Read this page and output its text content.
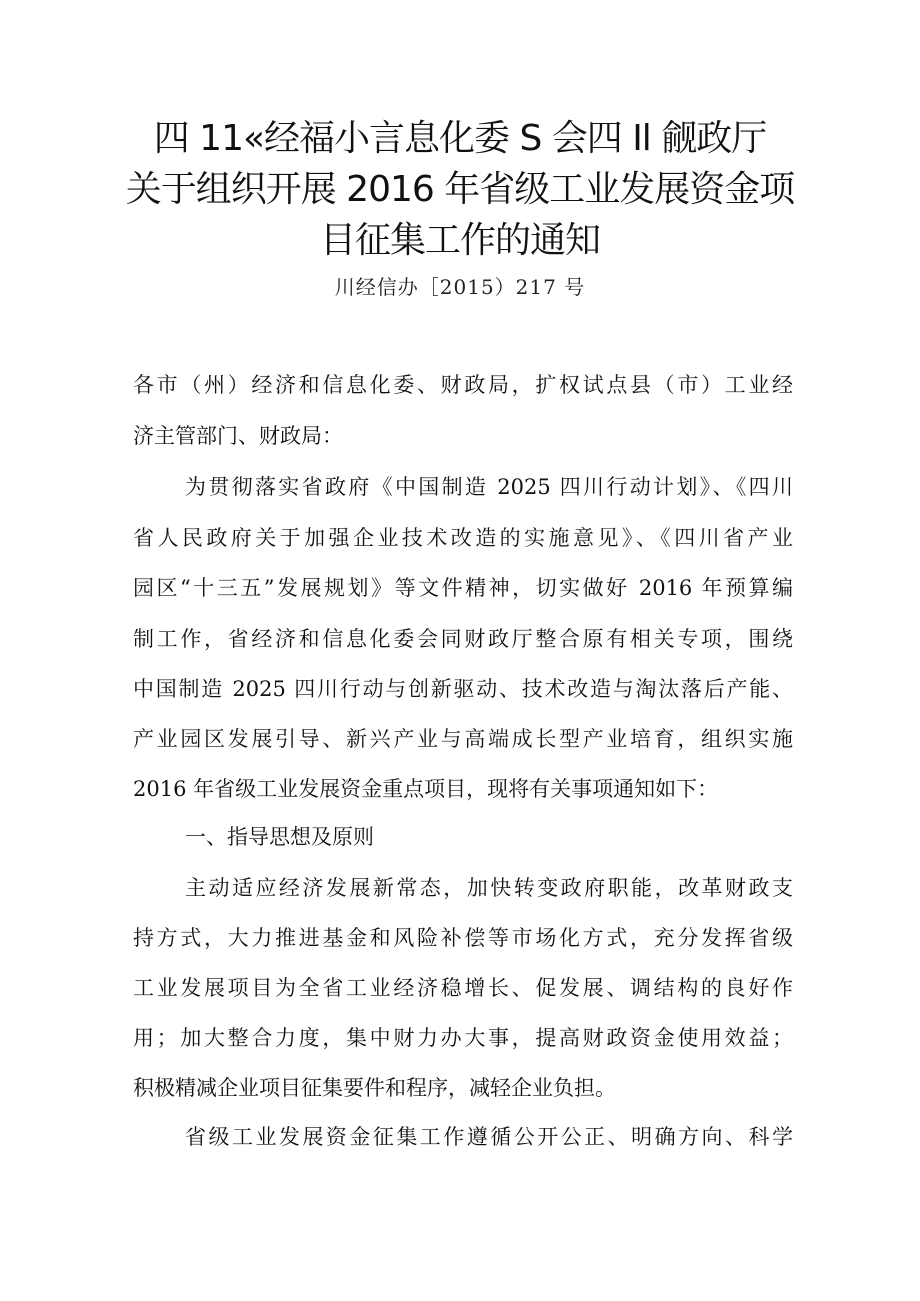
四 11«经福小言息化委 S 会四 Il 觎政厅
关于组织开展 2016 年省级工业发展资金项
目征集工作的通知
川经信办［2015）217 号
各市（州）经济和信息化委、财政局，扩权试点县（市）工业经
济主管部门、财政局：
为贯彻落实省政府《中国制造 2025 四川行动计划》、《四川
省人民政府关于加强企业技术改造的实施意见》、《四川省产业
园区“十三五”发展规划》等文件精神，切实做好 2016 年预算编
制工作，省经济和信息化委会同财政厅整合原有相关专项，围绕
中国制造 2025 四川行动与创新驱动、技术改造与淘汰落后产能、
产业园区发展引导、新兴产业与高端成长型产业培育，组织实施
2016 年省级工业发展资金重点项目，现将有关事项通知如下：
一、指导思想及原则
主动适应经济发展新常态，加快转变政府职能，改革财政支
持方式，大力推进基金和风险补偿等市场化方式，充分发挥省级
工业发展项目为全省工业经济稳增长、促发展、调结构的良好作
用；加大整合力度，集中财力办大事，提高财政资金使用效益；
积极精减企业项目征集要件和程序，减轻企业负担。
省级工业发展资金征集工作遵循公开公正、明确方向、科学
